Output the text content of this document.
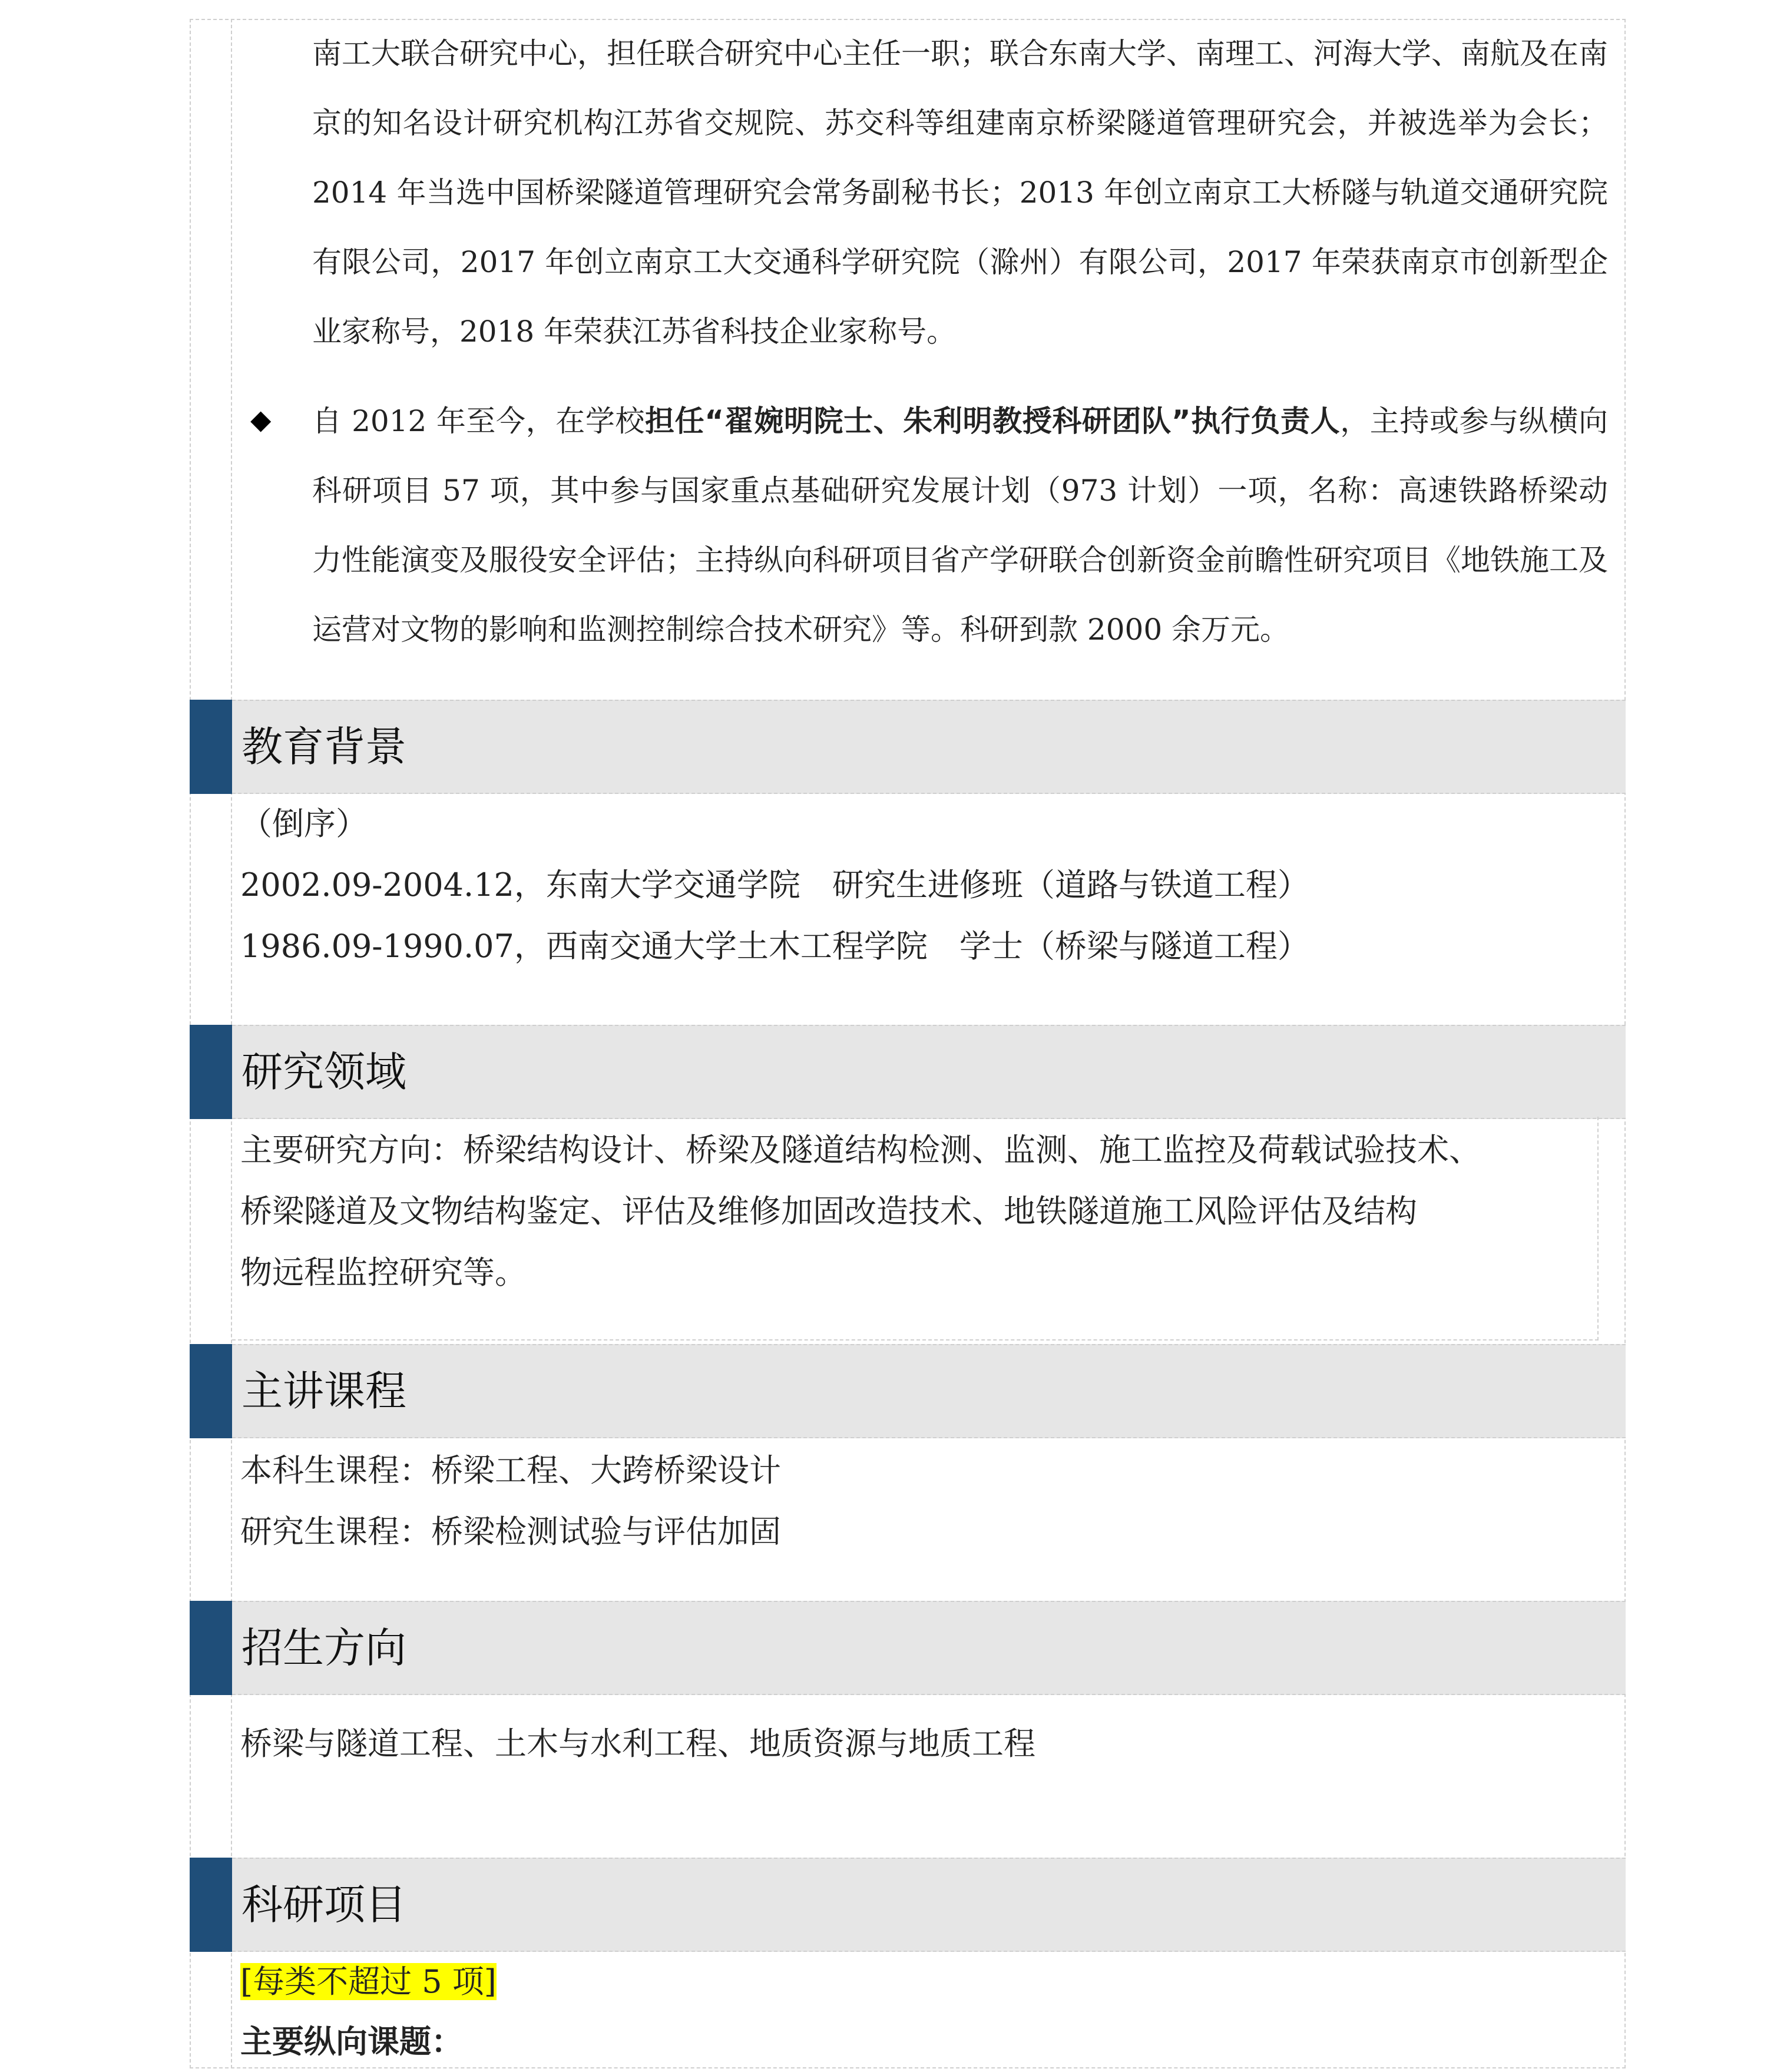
南工大联合研究中心，担任联合研究中心主任一职；联合东南大学、南理工、河海大学、南航及在南京的知名设计研究机构江苏省交规院、苏交科等组建南京桥梁隧道管理研究会，并被选举为会长；2014 年当选中国桥梁隧道管理研究会常务副秘书长；2013 年创立南京工大桥隧与轨道交通研究院有限公司，2017 年创立南京工大交通科学研究院（滁州）有限公司，2017 年荣获南京市创新型企业家称号，2018 年荣获江苏省科技企业家称号。
◆ 自 2012 年至今，在学校担任“翟婉明院士、朱利明教授科研团队”执行负责人，主持或参与纵横向科研项目 57 项，其中参与国家重点基础研究发展计划（973 计划）一项，名称：高速铁路桥梁动力性能演变及服役安全评估；主持纵向科研项目省产学研联合创新资金前瞻性研究项目《地铁施工及运营对文物的影响和监测控制综合技术研究》等。科研到款 2000 余万元。
教育背景
（倒序）
2002.09-2004.12，东南大学交通学院　研究生进修班（道路与铁道工程）
1986.09-1990.07，西南交通大学土木工程学院　学士（桥梁与隧道工程）
研究领域
主要研究方向：桥梁结构设计、桥梁及隧道结构检测、监测、施工监控及荷载试验技术、
桥梁隧道及文物结构鉴定、评估及维修加固改造技术、地铁隧道施工风险评估及结构
物远程监控研究等。
主讲课程
本科生课程：桥梁工程、大跨桥梁设计
研究生课程：桥梁检测试验与评估加固
招生方向
桥梁与隧道工程、土木与水利工程、地质资源与地质工程
科研项目
[每类不超过 5 项]
主要纵向课题：
